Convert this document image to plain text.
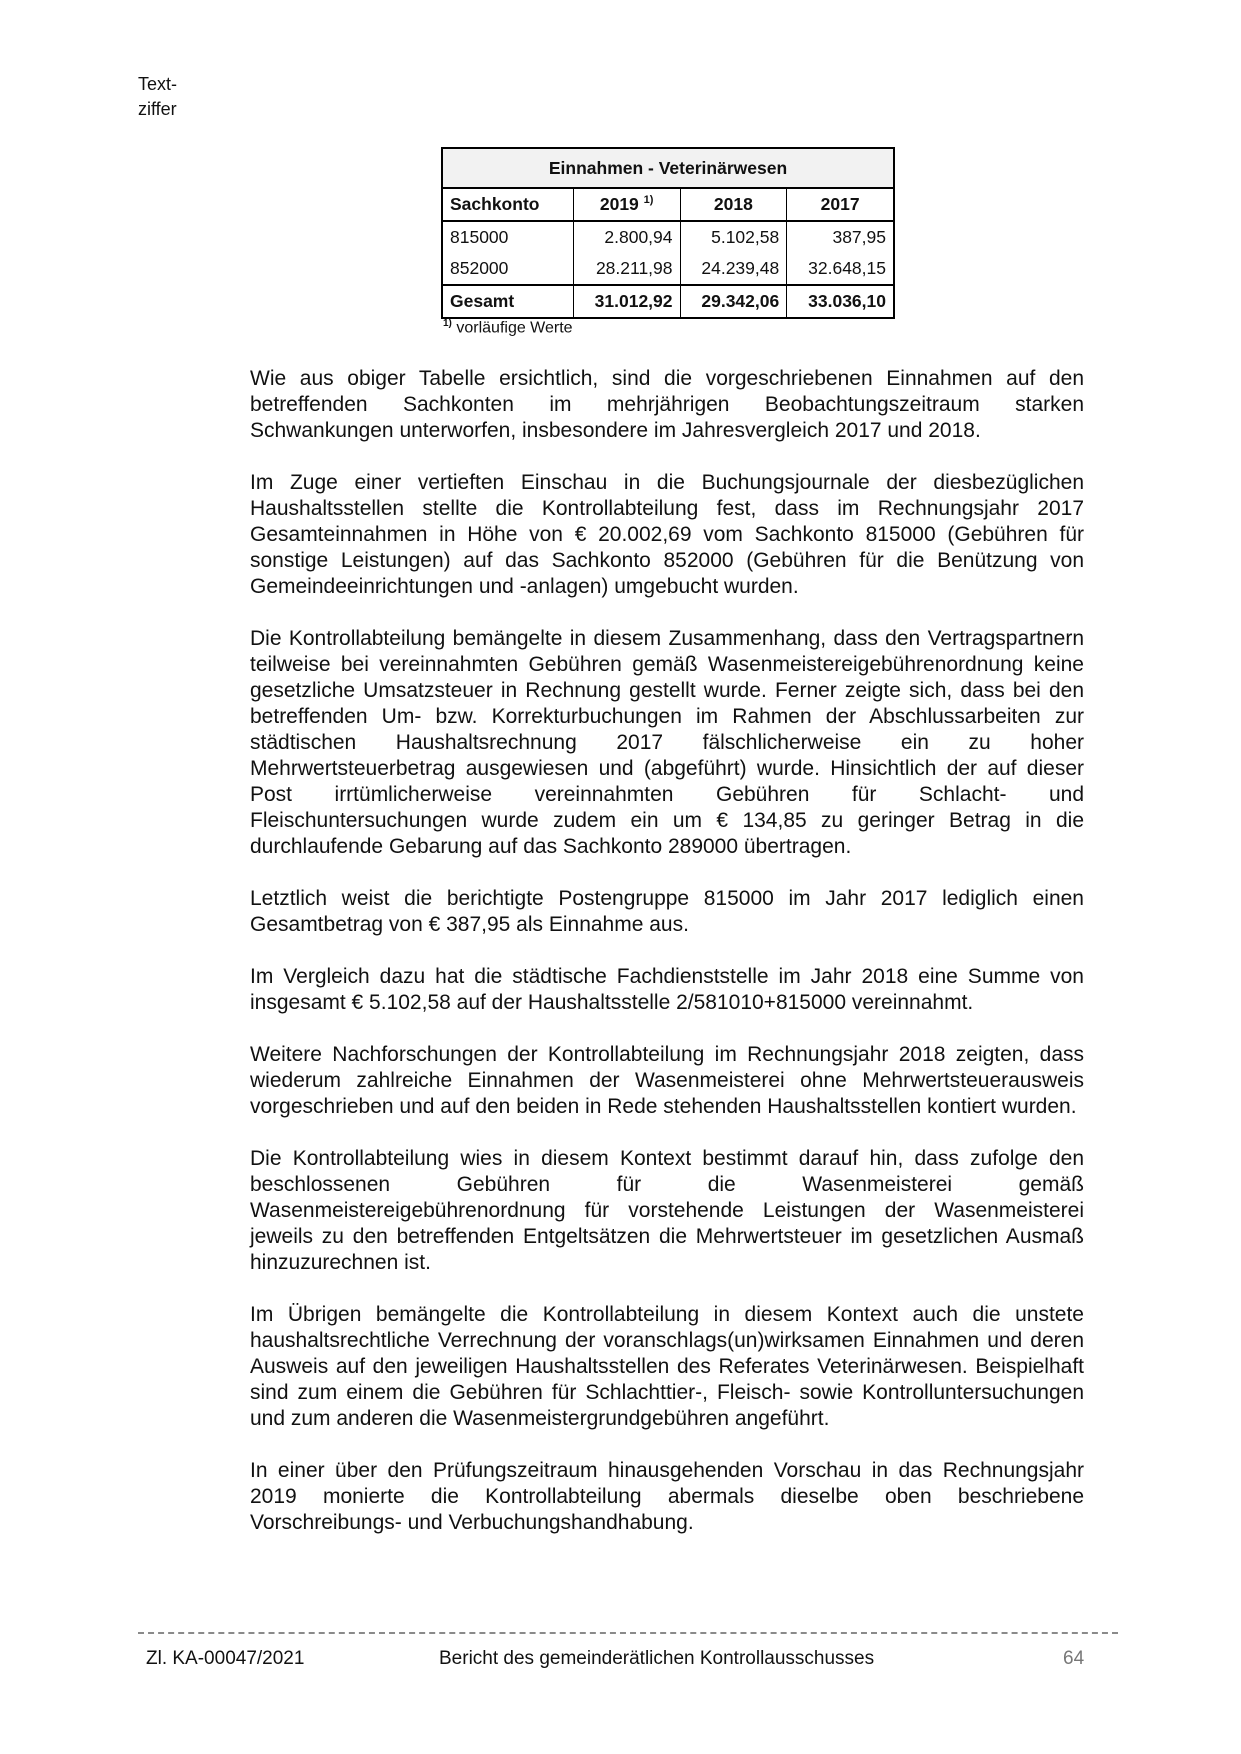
Text-
ziffer
Einnahmen - Veterinärwesen			
Sachkonto	2019 $^{1)}$	2018	2017
815000	2.800,94	5.102,58	387,95
852000	28.211,98	24.239,48	32.648,15
Gesamt	31.012,92	29.342,06	33.036,10
$^{1)}$ vorläufige Werte

Wie aus obiger Tabelle ersichtlich, sind die vorgeschriebenen Einnahmen auf den betreffenden Sachkonten im mehrjährigen Beobachtungszeitraum starken Schwankungen unterworfen, insbesondere im Jahresvergleich 2017 und 2018.

Im Zuge einer vertieften Einschau in die Buchungsjournale der diesbezüglichen Haushaltsstellen stellte die Kontrollabteilung fest, dass im Rechnungsjahr 2017 Gesamteinnahmen in Höhe von € 20.002,69 vom Sachkonto 815000 (Gebühren für sonstige Leistungen) auf das Sachkonto 852000 (Gebühren für die Benützung von Gemeindeeinrichtungen und -anlagen) umgebucht wurden.

Die Kontrollabteilung bemängelte in diesem Zusammenhang, dass den Vertragspartnern teilweise bei vereinnahmten Gebühren gemäß Wasenmeistereigebührenordnung keine gesetzliche Umsatzsteuer in Rechnung gestellt wurde. Ferner zeigte sich, dass bei den betreffenden Um- bzw. Korrekturbuchungen im Rahmen der Abschlussarbeiten zur städtischen Haushaltsrechnung 2017 fälschlicherweise ein zu hoher Mehrwertsteuerbetrag ausgewiesen und (abgeführt) wurde. Hinsichtlich der auf dieser Post irrtümlicherweise vereinnahmten Gebühren für Schlacht- und Fleischuntersuchungen wurde zudem ein um € 134,85 zu geringer Betrag in die durchlaufende Gebarung auf das Sachkonto 289000 übertragen.

Letztlich weist die berichtigte Postengruppe 815000 im Jahr 2017 lediglich einen Gesamtbetrag von € 387,95 als Einnahme aus.

Im Vergleich dazu hat die städtische Fachdienststelle im Jahr 2018 eine Summe von insgesamt € 5.102,58 auf der Haushaltsstelle 2/581010+815000 vereinnahmt.

Weitere Nachforschungen der Kontrollabteilung im Rechnungsjahr 2018 zeigten, dass wiederum zahlreiche Einnahmen der Wasenmeisterei ohne Mehrwertsteuerausweis vorgeschrieben und auf den beiden in Rede stehenden Haushaltsstellen kontiert wurden.

Die Kontrollabteilung wies in diesem Kontext bestimmt darauf hin, dass zufolge den beschlossenen Gebühren für die Wasenmeisterei gemäß Wasenmeistereigebührenordnung für vorstehende Leistungen der Wasenmeisterei jeweils zu den betreffenden Entgeltsätzen die Mehrwertsteuer im gesetzlichen Ausmaß hinzuzurechnen ist.

Im Übrigen bemängelte die Kontrollabteilung in diesem Kontext auch die unstete haushaltsrechtliche Verrechnung der voranschlags(un)wirksamen Einnahmen und deren Ausweis auf den jeweiligen Haushaltsstellen des Referates Veterinärwesen. Beispielhaft sind zum einem die Gebühren für Schlachttier-, Fleisch- sowie Kontrolluntersuchungen und zum anderen die Wasenmeistergrundgebühren angeführt.

In einer über den Prüfungszeitraum hinausgehenden Vorschau in das Rechnungsjahr 2019 monierte die Kontrollabteilung abermals dieselbe oben beschriebene Vorschreibungs- und Verbuchungshandhabung.

Zl. KA-00047/2021	Bericht des gemeinderätlichen Kontrollausschusses	64
